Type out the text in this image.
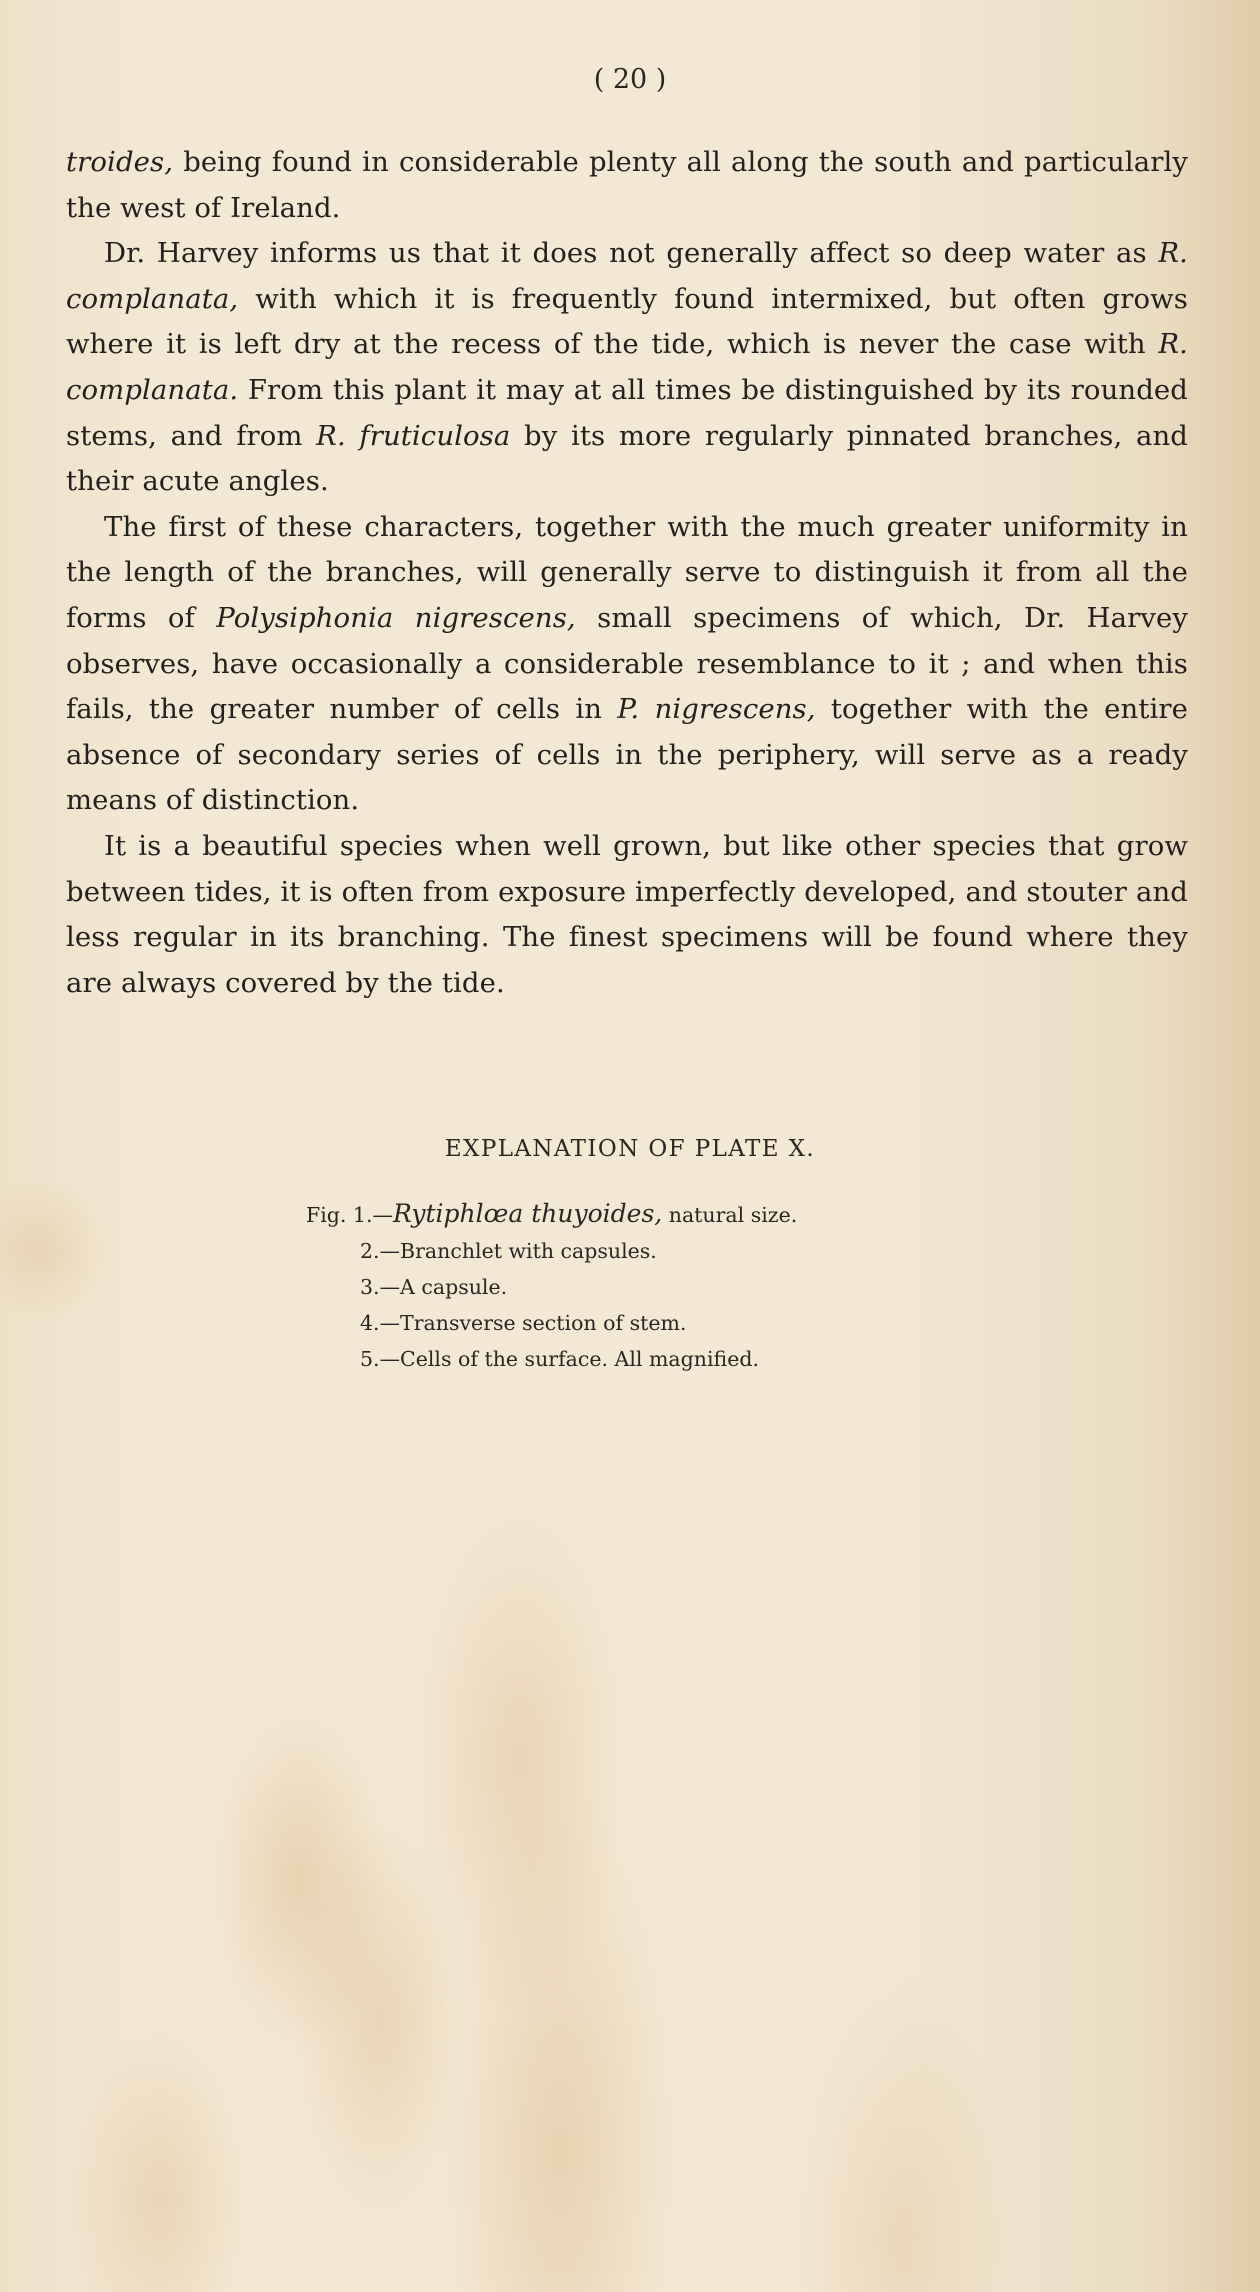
( 20 )

troides, being found in considerable plenty all along the south and particularly the west of Ireland.

Dr. Harvey informs us that it does not generally affect so deep water as R. complanata, with which it is frequently found intermixed, but often grows where it is left dry at the recess of the tide, which is never the case with R. complanata. From this plant it may at all times be distinguished by its rounded stems, and from R. fruticulosa by its more regularly pinnated branches, and their acute angles.

The first of these characters, together with the much greater uniformity in the length of the branches, will generally serve to distinguish it from all the forms of Polysiphonia nigrescens, small specimens of which, Dr. Harvey observes, have occasionally a considerable resemblance to it ; and when this fails, the greater number of cells in P. nigrescens, together with the entire absence of secondary series of cells in the periphery, will serve as a ready means of distinction.

It is a beautiful species when well grown, but like other species that grow between tides, it is often from exposure imperfectly developed, and stouter and less regular in its branching. The finest specimens will be found where they are always covered by the tide.

EXPLANATION OF PLATE X.
Fig. 1.—Rytiphlœa thuyoides, natural size.
2.—Branchlet with capsules.
3.—A capsule.
4.—Transverse section of stem.
5.—Cells of the surface. All magnified.
